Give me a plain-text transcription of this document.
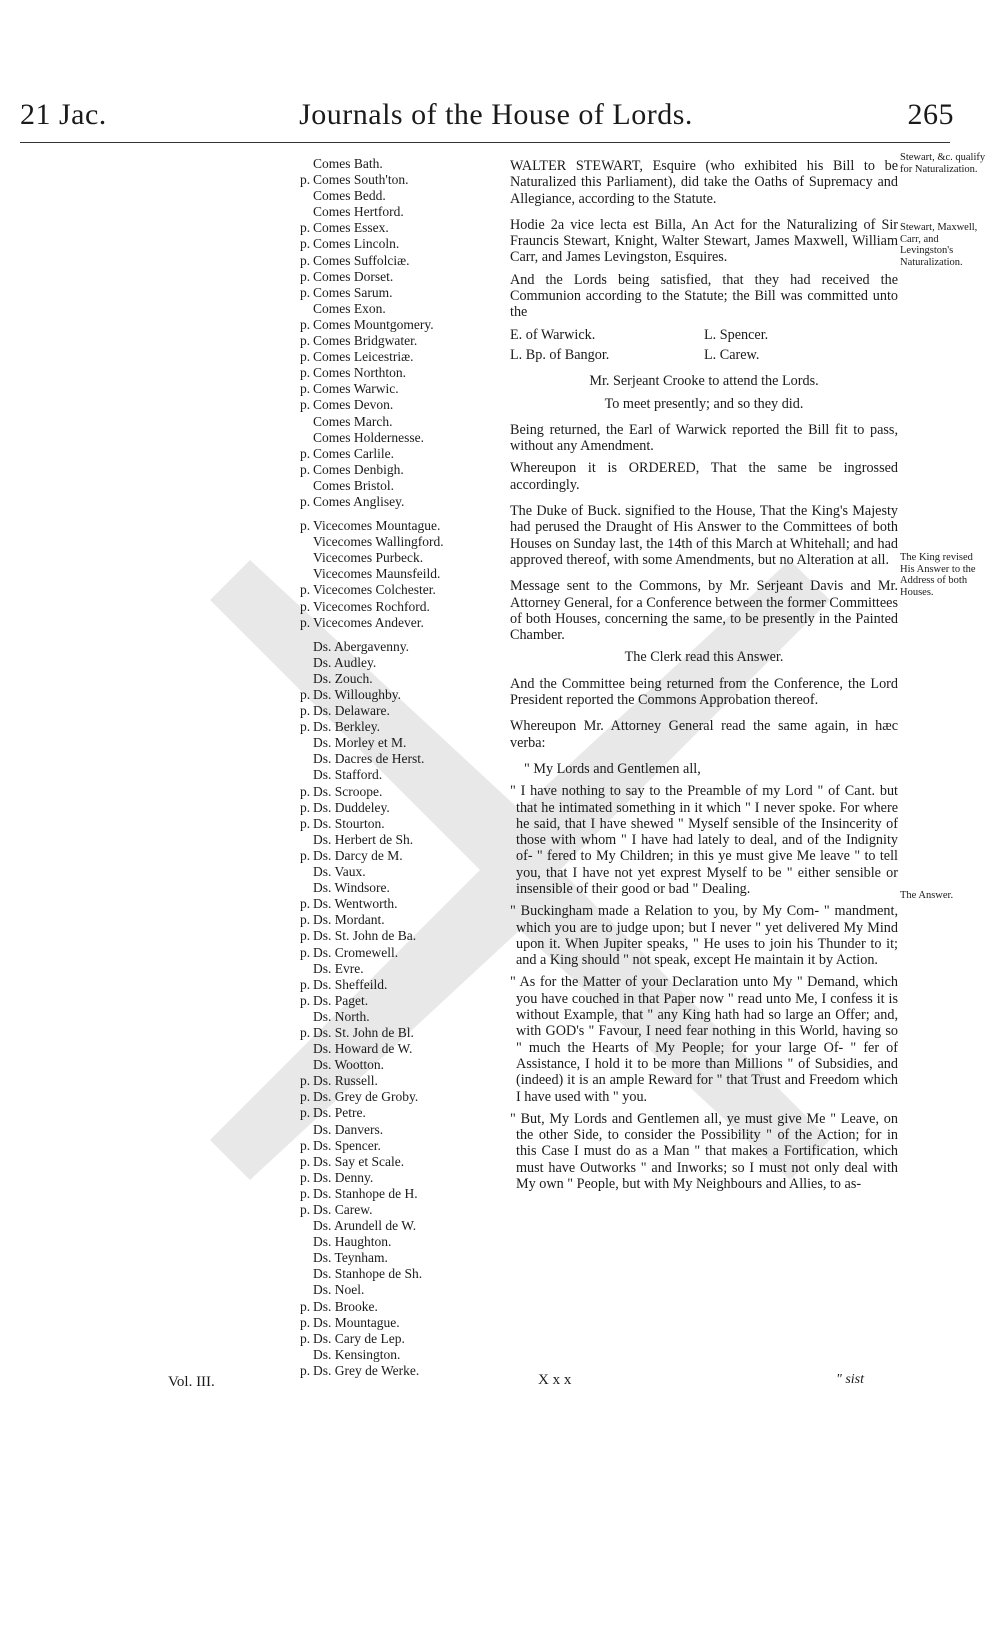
21 Jac.	Journals of the House of Lords.	265
Comes Bath.
p. Comes South'ton.
Comes Bedd.
Comes Hertford.
p. Comes Essex.
p. Comes Lincoln.
p. Comes Suffolciæ.
p. Comes Dorset.
p. Comes Sarum.
Comes Exon.
p. Comes Mountgomery.
p. Comes Bridgwater.
p. Comes Leicestriæ.
p. Comes Northton.
p. Comes Warwic.
p. Comes Devon.
Comes March.
Comes Holdernesse.
p. Comes Carlile.
p. Comes Denbigh.
Comes Bristol.
p. Comes Anglisey.
p. Vicecomes Mountague.
Vicecomes Wallingford.
Vicecomes Purbeck.
Vicecomes Maunsfeild.
p. Vicecomes Colchester.
p. Vicecomes Rochford.
p. Vicecomes Andever.
Ds. Abergavenny.
Ds. Audley.
Ds. Zouch.
p. Ds. Willoughby.
p. Ds. Delaware.
p. Ds. Berkley.
Ds. Morley et M.
Ds. Dacres de Herst.
Ds. Stafford.
p. Ds. Scroope.
p. Ds. Duddeley.
p. Ds. Stourton.
Ds. Herbert de Sh.
p. Ds. Darcy de M.
Ds. Vaux.
Ds. Windsore.
p. Ds. Wentworth.
p. Ds. Mordant.
p. Ds. St. John de Ba.
p. Ds. Cromewell.
Ds. Evre.
p. Ds. Sheffeild.
p. Ds. Paget.
Ds. North.
p. Ds. St. John de Bl.
Ds. Howard de W.
Ds. Wootton.
p. Ds. Russell.
p. Ds. Grey de Groby.
p. Ds. Petre.
Ds. Danvers.
p. Ds. Spencer.
p. Ds. Say et Scale.
p. Ds. Denny.
p. Ds. Stanhope de H.
p. Ds. Carew.
Ds. Arundell de W.
Ds. Haughton.
Ds. Teynham.
Ds. Stanhope de Sh.
Ds. Noel.
p. Ds. Brooke.
p. Ds. Mountague.
p. Ds. Cary de Lep.
Ds. Kensington.
p. Ds. Grey de Werke.

WALTER STEWART, Esquire (who exhibited his Bill to be Naturalized this Parliament), did take the Oaths of Supremacy and Allegiance, according to the Statute.

Hodie 2a vice lecta est Billa, An Act for the Naturalizing of Sir Frauncis Stewart, Knight, Walter Stewart, James Maxwell, William Carr, and James Levingston, Esquires.

And the Lords being satisfied, that they had received the Communion according to the Statute; the Bill was committed unto the

E. of Warwick.	L. Spencer.
L. Bp. of Bangor.	L. Carew.

Mr. Serjeant Crooke to attend the Lords.

To meet presently; and so they did.

Being returned, the Earl of Warwick reported the Bill fit to pass, without any Amendment.

Whereupon it is ORDERED, That the same be ingrossed accordingly.

The Duke of Buck. signified to the House, That the King's Majesty had perused the Draught of His Answer to the Committees of both Houses on Sunday last, the 14th of this March at Whitehall; and had approved thereof, with some Amendments, but no Alteration at all.

Message sent to the Commons, by Mr. Serjeant Davis and Mr. Attorney General, for a Conference between the former Committees of both Houses, concerning the same, to be presently in the Painted Chamber.

The Clerk read this Answer.

And the Committee being returned from the Conference, the Lord President reported the Commons Approbation thereof.

Whereupon Mr. Attorney General read the same again, in hæc verba:

" My Lords and Gentlemen all,

" I have nothing to say to the Preamble of my Lord " of Cant. but that he intimated something in it which " I never spoke. For where he said, that I have shewed " Myself sensible of the Insincerity of those with whom " I have had lately to deal, and of the Indignity of- " fered to My Children; in this ye must give Me leave " to tell you, that I have not yet exprest Myself to be " either sensible or insensible of their good or bad " Dealing.

" Buckingham made a Relation to you, by My Com- " mandment, which you are to judge upon; but I never " yet delivered My Mind upon it. When Jupiter speaks, " He uses to join his Thunder to it; and a King should " not speak, except He maintain it by Action.

" As for the Matter of your Declaration unto My " Demand, which you have couched in that Paper now " read unto Me, I confess it is without Example, that " any King hath had so large an Offer; and, with GOD's " Favour, I need fear nothing in this World, having so " much the Hearts of My People; for your large Of- " fer of Assistance, I hold it to be more than Millions " of Subsidies, and (indeed) it is an ample Reward for " that Trust and Freedom which I have used with " you.

" But, My Lords and Gentlemen all, ye must give Me " Leave, on the other Side, to consider the Possibility " of the Action; for in this Case I must do as a Man " that makes a Fortification, which must have Outworks " and Inworks; so I must not only deal with My own " People, but with My Neighbours and Allies, to as-

Stewart, &c. qualify for Naturalization.
Stewart, Maxwell, Carr, and Levingston's Naturalization.
The King revised His Answer to the Address of both Houses.
The Answer.
Vol. III.	X x x	" sist
